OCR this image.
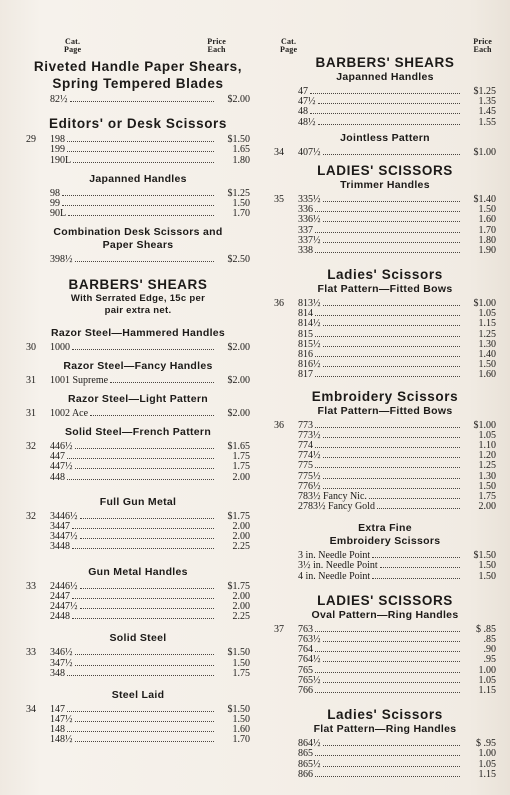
Cat.
Page
Price
Each
Riveted Handle Paper Shears,
Spring Tempered Blades
82½	$2.00
Editors' or Desk Scissors
29	198	$1.50
199	1.65
190L	1.80
Japanned Handles
98	$1.25
99	1.50
90L	1.70
Combination Desk Scissors and
Paper Shears
398½	$2.50
BARBERS' SHEARS
With Serrated Edge, 15c per
pair extra net.
Razor Steel—Hammered Handles
30	1000	$2.00
Razor Steel—Fancy Handles
31	1001 Supreme	$2.00
Razor Steel—Light Pattern
31	1002 Ace	$2.00
Solid Steel—French Pattern
32	446½	$1.65
447	1.75
447½	1.75
448	2.00
Full Gun Metal
32	3446½	$1.75
3447	2.00
3447½	2.00
3448	2.25
Gun Metal Handles
33	2446½	$1.75
2447	2.00
2447½	2.00
2448	2.25
Solid Steel
33	346½	$1.50
347½	1.50
348	1.75
Steel Laid
34	147	$1.50
147½	1.50
148	1.60
148½	1.70
Cat.
Page
Price
Each
BARBERS' SHEARS
Japanned Handles
47	$1.25
47½	1.35
48	1.45
48½	1.55
Jointless Pattern
34	407½	$1.00
LADIES' SCISSORS
Trimmer Handles
35	335½	$1.40
336	1.50
336½	1.60
337	1.70
337½	1.80
338	1.90
Ladies' Scissors
Flat Pattern—Fitted Bows
36	813½	$1.00
814	1.05
814½	1.15
815	1.25
815½	1.30
816	1.40
816½	1.50
817	1.60
Embroidery Scissors
Flat Pattern—Fitted Bows
36	773	$1.00
773½	1.05
774	1.10
774½	1.20
775	1.25
775½	1.30
776½	1.50
783½ Fancy Nic.	1.75
2783½ Fancy Gold	2.00
Extra Fine
Embroidery Scissors
3 in. Needle Point	$1.50
3½ in. Needle Point	1.50
4 in. Needle Point	1.50
LADIES' SCISSORS
Oval Pattern—Ring Handles
37	763	$ .85
763½	.85
764	.90
764½	.95
765	1.00
765½	1.05
766	1.15
Ladies' Scissors
Flat Pattern—Ring Handles
864½	$ .95
865	1.00
865½	1.05
866	1.15
